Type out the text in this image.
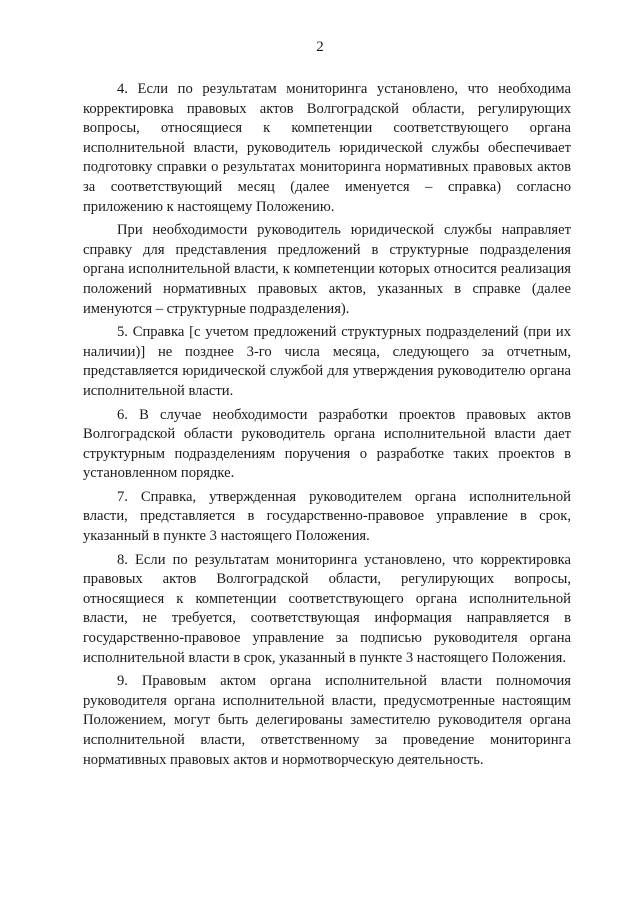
2

4. Если по результатам мониторинга установлено, что необходима корректировка правовых актов Волгоградской области, регулирующих вопросы, относящиеся к компетенции соответствующего органа исполнительной власти, руководитель юридической службы обеспечивает подготовку справки о результатах мониторинга нормативных правовых актов за соответствующий месяц (далее именуется – справка) согласно приложению к настоящему Положению.

При необходимости руководитель юридической службы направляет справку для представления предложений в структурные подразделения органа исполнительной власти, к компетенции которых относится реализация положений нормативных правовых актов, указанных в справке (далее именуются – структурные подразделения).

5. Справка [с учетом предложений структурных подразделений (при их наличии)] не позднее 3-го числа месяца, следующего за отчетным, представляется юридической службой для утверждения руководителю органа исполнительной власти.

6. В случае необходимости разработки проектов правовых актов Волгоградской области руководитель органа исполнительной власти дает структурным подразделениям поручения о разработке таких проектов в установленном порядке.

7. Справка, утвержденная руководителем органа исполнительной власти, представляется в государственно-правовое управление в срок, указанный в пункте 3 настоящего Положения.

8. Если по результатам мониторинга установлено, что корректировка правовых актов Волгоградской области, регулирующих вопросы, относящиеся к компетенции соответствующего органа исполнительной власти, не требуется, соответствующая информация направляется в государственно-правовое управление за подписью руководителя органа исполнительной власти в срок, указанный в пункте 3 настоящего Положения.

9. Правовым актом органа исполнительной власти полномочия руководителя органа исполнительной власти, предусмотренные настоящим Положением, могут быть делегированы заместителю руководителя органа исполнительной власти, ответственному за проведение мониторинга нормативных правовых актов и нормотворческую деятельность.
